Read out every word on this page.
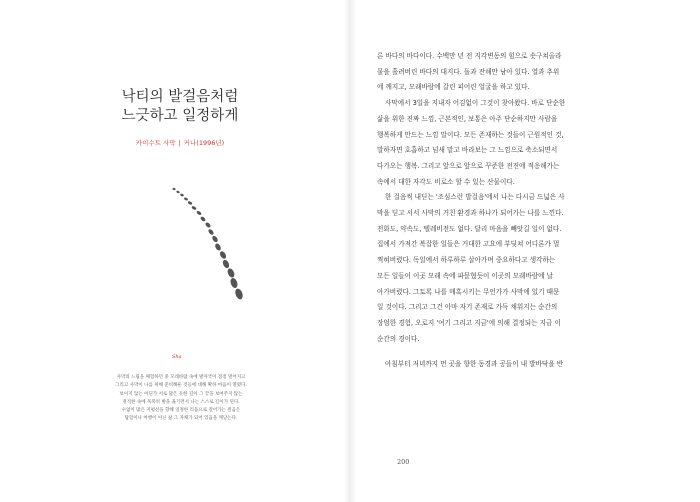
낙티의 발걸음처럼
느긋하고 일정하게
카이수트 사막 | 커나(1996년)
Sha
사막의 느림을 체험하던 중 모래바람 속에 발자국이 점점 멀어지고
그리고 사막이 나를 위해 준비해둔 것들에 대해 확하 마음이 열렸다.
보이지 않는 어딘가 서로 닮은 듯한 길이 그 끝을 보여주지 않는
정직한 속에 묵묵히 발을 옮기면서 나는 스스로 길이가 된다.
수없이 많은 지평선을 향해 일정한 리듬으로 걸어가는 걸음은
탐험이나 여행이 아닌 삶 그 자체가 되어 있음을 깨닫는다.
른 바다의 바다이다. 수백만 년 전 지각변동의 힘으로 솟구쳐올라
물을 흘려버린 바다의 대지다. 돌과 잔해만 남아 있다. 열과 추위
에 깨지고, 모래바람에 갈린 피어린 얼굴을 하고 있다.
사막에서 3일을 지내자 어김없이 그것이 찾아왔다. 바로 단순한
삶을 위한 진짜 느낌, 근본적인, 보통은 아주 단순하지만 사람을
행복하게 만드는 느낌 말이다. 모든 존재하는 것들이 근원적인 것,
말하자면 호흡하고 넘새 맡고 바라보는 그 느낌으로 축소되면서
다가오는 행복. 그리고 앞으로 앞으로 꾸준한 전진에 적응해가는
속에서 대한 자각도 비로소 할 수 있는 산물이다.
한 걸음씩 내딛는 '조심스런 발걸음'에서 나는 다시금 드넓은 사
막을 딛고 서서 사막의 거친 환경과 하나가 되어가는 나를 느낀다.
전화도, 약속도, 텔레비전도 없다. 달리 마음을 빼앗길 일이 없다.
집에서 가져간 복잡한 일들은 거대한 고요에 부딪쳐 어디론가 멀
찍혀버렸다. 독일에서 하루하루 살아가며 중요하다고 생각하는
모든 일들이 이곳 모래 속에 파묻혔듯이 이곳의 모래바람에 날
아가버렸다. 그토록 나를 매혹시키는 무언가가 사막에 있기 때문
일 것이다. 그리고 그건 아마 자기 존재로 가득 채워지는 순간의
장엄한 경험, 오로지 '여기 그리고 지금'에 의해 결정되는 지금 이
순간의 경이다.
아침부터 저녁까지 먼 곳을 향한 동경과 공들이 내 발바닥을 반
200
